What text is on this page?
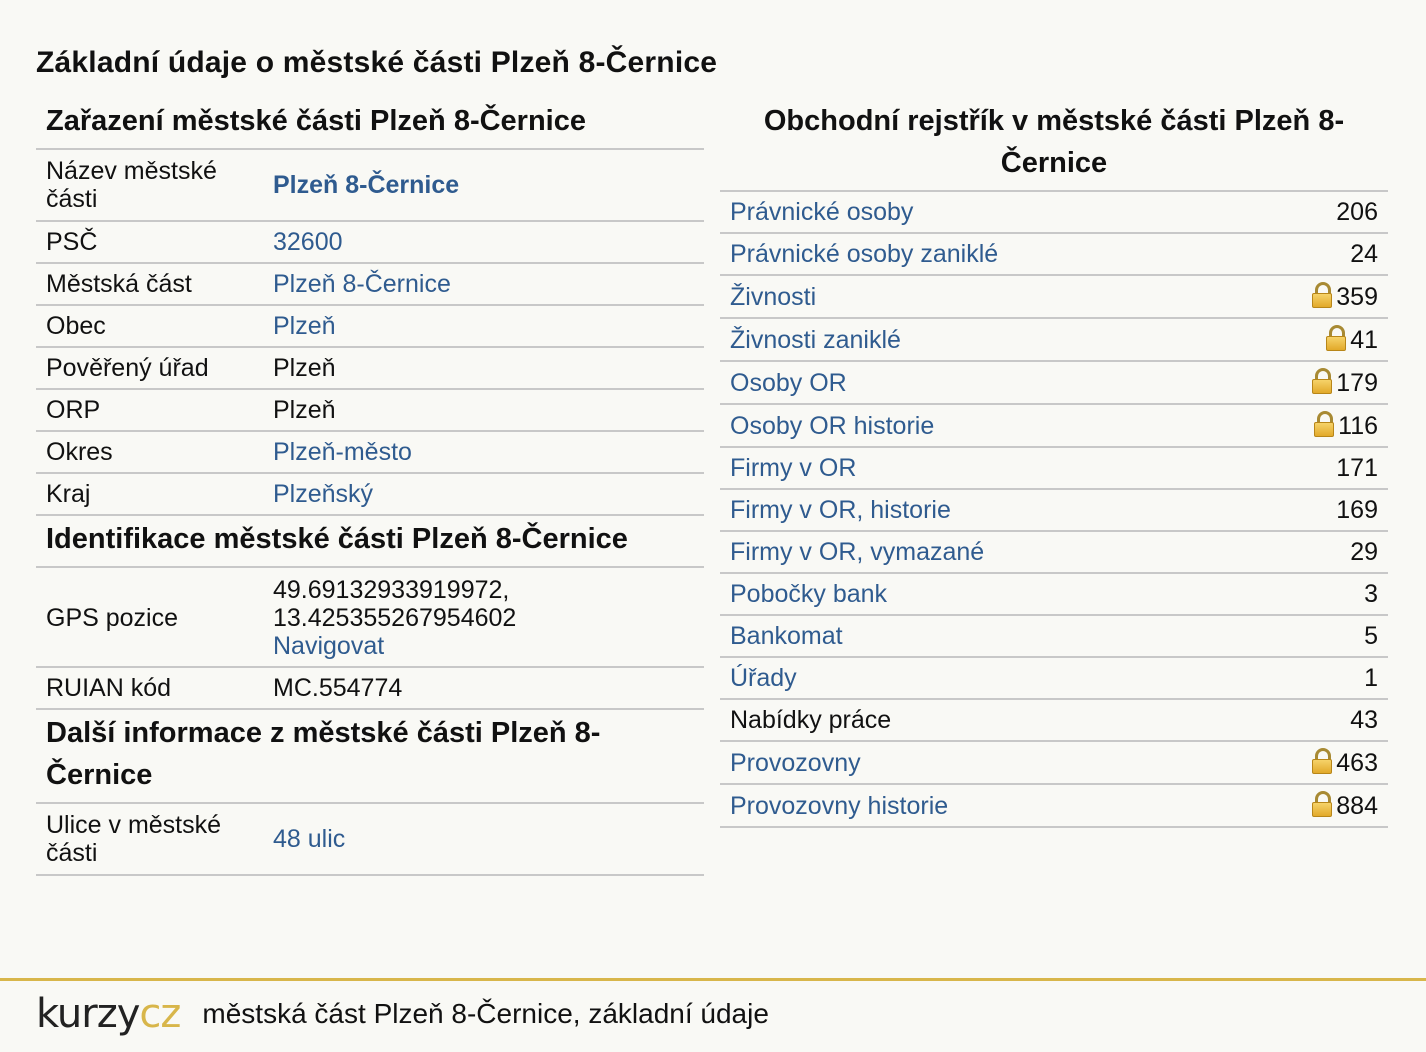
Základní údaje o městské části Plzeň 8-Černice
Zařazení městské části Plzeň 8-Černice
Název městské části	Plzeň 8-Černice
PSČ	32600
Městská část	Plzeň 8-Černice
Obec	Plzeň
Pověřený úřad	Plzeň
ORP	Plzeň
Okres	Plzeň-město
Kraj	Plzeňský
Identifikace městské části Plzeň 8-Černice
GPS pozice	49.69132933919972,
13.425355267954602
Navigovat

RUIAN kód	MC.554774
Další informace z městské části Plzeň 8-Černice
Ulice v městské části	48 ulic
Obchodní rejstřík v městské části Plzeň 8-Černice
Právnické osoby	206
Právnické osoby zaniklé	24
Živnosti	359
Živnosti zaniklé	41
Osoby OR	179
Osoby OR historie	116
Firmy v OR	171
Firmy v OR, historie	169
Firmy v OR, vymazané	29
Pobočky bank	3
Bankomat	5
Úřady	1
Nabídky práce	43
Provozovny	463
Provozovny historie	884
kurzycz městská část Plzeň 8-Černice, základní údaje
